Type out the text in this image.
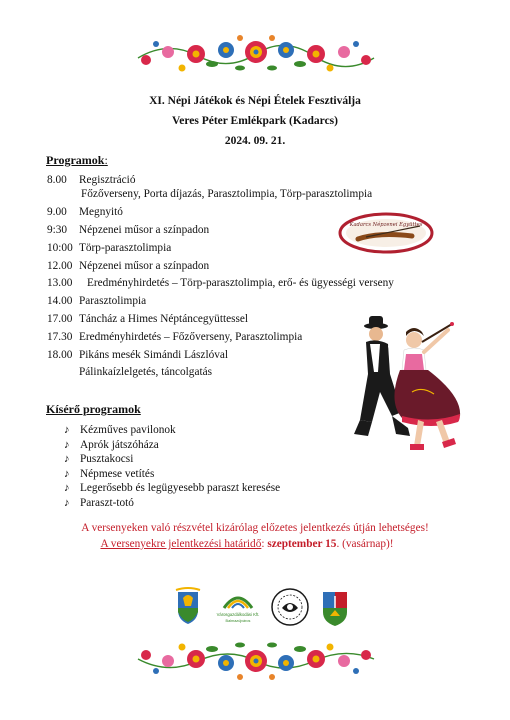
XI. Népi Játékok és Népi Ételek Fesztiválja
Veres Péter Emlékpark (Kadarcs)
2024. 09. 21.
Programok:
8.00 Regisztráció
Főzőverseny, Porta díjazás, Parasztolimpia, Törp-parasztolimpia
9.00 Megnyitó
9:30 Népzenei műsor a színpadon
10:00 Törp-parasztolimpia
12.00 Népzenei műsor a színpadon
13.00 Eredményhirdetés – Törp-parasztolimpia, erő- és ügyességi verseny
14.00 Parasztolimpia
17.00 Táncház a Himes Néptáncegyüttessel
17.30 Eredményhirdetés – Főzőverseny, Parasztolimpia
18.00 Pikáns mesék Simándi Lászlóval
Pálinkaízlelgetés, táncolgatás
Kadarcs Népzenei Együttes
Kísérő programok
♪ Kézműves pavilonok
♪ Aprók játszóháza
♪ Pusztakocsi
♪ Népmese vetítés
♪ Legerősebb és legügyesebb paraszt keresése
♪ Paraszt-totó
A versenyeken való részvétel kizárólag előzetes jelentkezés útján lehetséges!
A versenyekre jelentkezési határidő: szeptember 15. (vasárnap)!
Városgazdálkodási Kft.
Balmazújváros
